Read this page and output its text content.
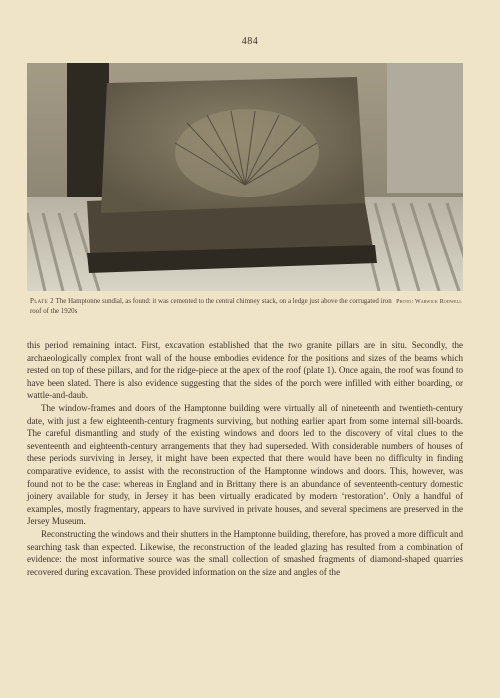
484
Photo: Warwick Rodwell
Plate 2 The Hamptonne sundial, as found: it was cemented to the central chimney stack, on a ledge just above the corrugated iron roof of the 1920s

this period remaining intact. First, excavation established that the two granite pillars are in situ. Secondly, the archaeologically complex front wall of the house embodies evidence for the positions and sizes of the beams which rested on top of these pillars, and for the ridge-piece at the apex of the roof (plate 1). Once again, the roof was found to have been slated. There is also evidence suggesting that the sides of the porch were infilled with either boarding, or wattle-and-daub.

The window-frames and doors of the Hamptonne building were virtually all of nineteenth and twentieth-century date, with just a few eighteenth-century fragments surviving, but nothing earlier apart from some internal sill-boards. The careful dismantling and study of the existing windows and doors led to the discovery of vital clues to the seventeenth and eighteenth-century arrangements that they had superseded. With considerable numbers of houses of these periods surviving in Jersey, it might have been expected that there would have been no difficulty in finding comparative evidence, to assist with the reconstruction of the Hamptonne windows and doors. This, however, was found not to be the case: whereas in England and in Brittany there is an abundance of seventeenth-century domestic joinery available for study, in Jersey it has been virtually eradicated by modern ‘restoration’. Only a handful of examples, mostly fragmentary, appears to have survived in private houses, and several specimens are preserved in the Jersey Museum.

Reconstructing the windows and their shutters in the Hamptonne building, therefore, has proved a more difficult and searching task than expected. Likewise, the reconstruction of the leaded glazing has resulted from a combination of evidence: the most informative source was the small collection of smashed fragments of diamond-shaped quarries recovered during excavation. These provided information on the size and angles of the
